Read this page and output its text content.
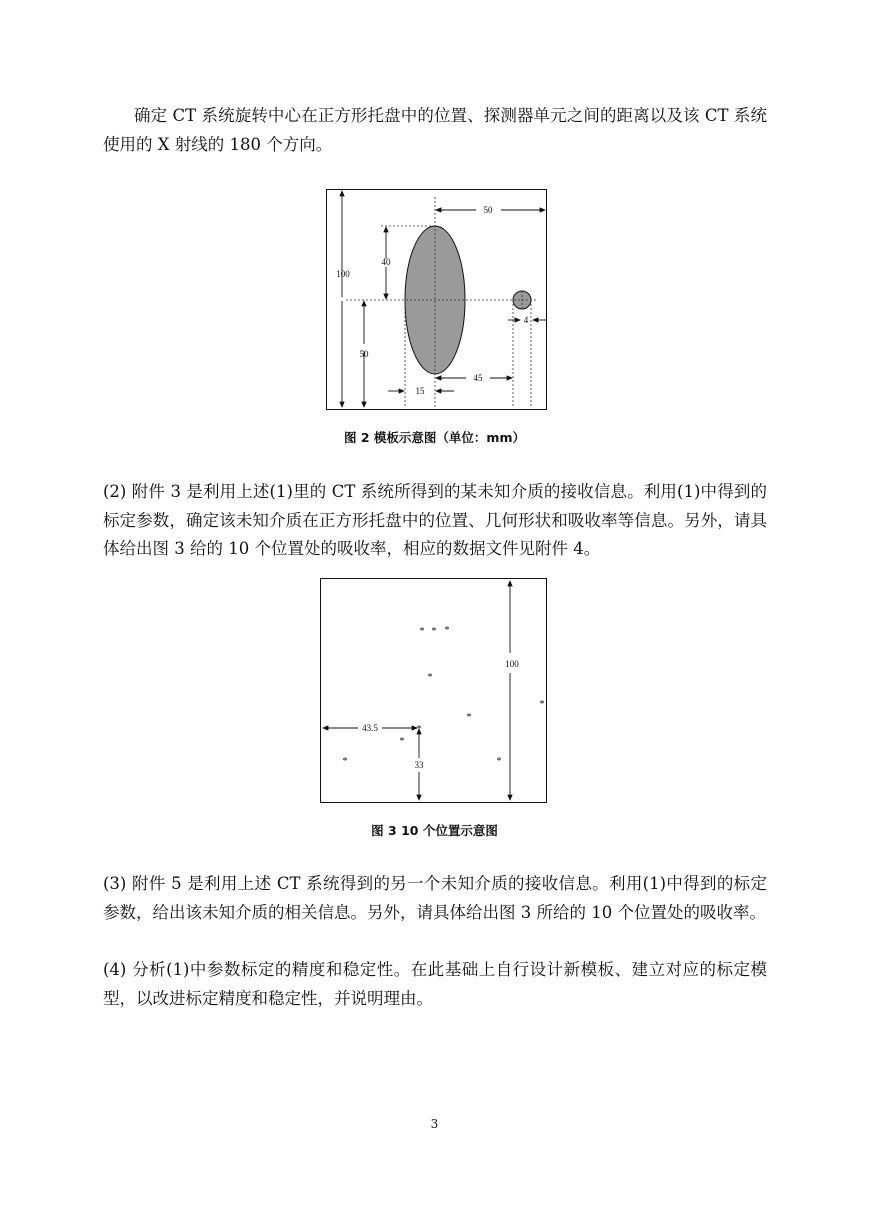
确定 CT 系统旋转中心在正方形托盘中的位置、探测器单元之间的距离以及该 CT 系统使用的 X 射线的 180 个方向。

50
100
40
50
4
45
15

图 2 模板示意图（单位：mm）

(2) 附件 3 是利用上述(1)里的 CT 系统所得到的某未知介质的接收信息。利用(1)中得到的标定参数，确定该未知介质在正方形托盘中的位置、几何形状和吸收率等信息。另外，请具体给出图 3 给的 10 个位置处的吸收率，相应的数据文件见附件 4。

* * *
*
*
*
*
*
*	*
100
43.5
33

图 3 10 个位置示意图

(3) 附件 5 是利用上述 CT 系统得到的另一个未知介质的接收信息。利用(1)中得到的标定参数，给出该未知介质的相关信息。另外，请具体给出图 3 所给的 10 个位置处的吸收率。

(4) 分析(1)中参数标定的精度和稳定性。在此基础上自行设计新模板、建立对应的标定模型，以改进标定精度和稳定性，并说明理由。

3
